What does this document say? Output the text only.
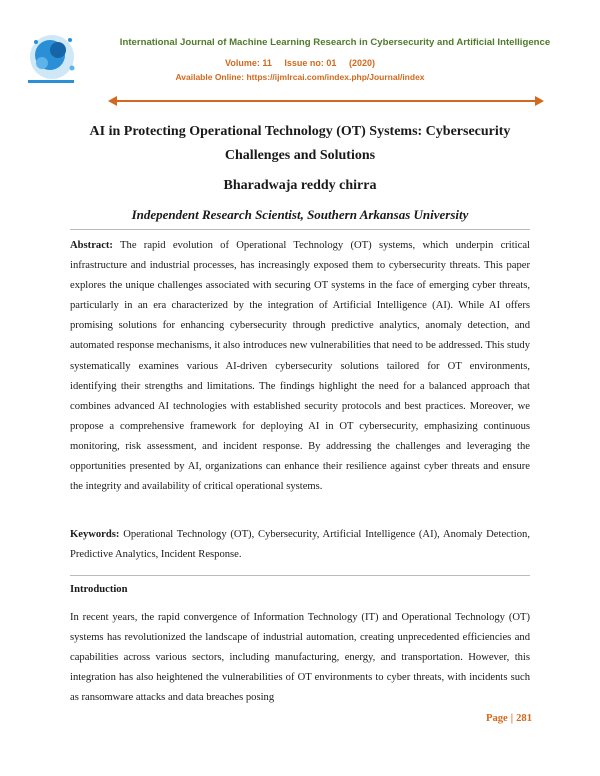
International Journal of Machine Learning Research in Cybersecurity and Artificial Intelligence
Volume: 11 Issue no: 01 (2020)
Available Online: https://ijmlrcai.com/index.php/Journal/index
AI in Protecting Operational Technology (OT) Systems: Cybersecurity Challenges and Solutions
Bharadwaja reddy chirra
Independent Research Scientist, Southern Arkansas University
Abstract: The rapid evolution of Operational Technology (OT) systems, which underpin critical infrastructure and industrial processes, has increasingly exposed them to cybersecurity threats. This paper explores the unique challenges associated with securing OT systems in the face of emerging cyber threats, particularly in an era characterized by the integration of Artificial Intelligence (AI). While AI offers promising solutions for enhancing cybersecurity through predictive analytics, anomaly detection, and automated response mechanisms, it also introduces new vulnerabilities that need to be addressed. This study systematically examines various AI-driven cybersecurity solutions tailored for OT environments, identifying their strengths and limitations. The findings highlight the need for a balanced approach that combines advanced AI technologies with established security protocols and best practices. Moreover, we propose a comprehensive framework for deploying AI in OT cybersecurity, emphasizing continuous monitoring, risk assessment, and incident response. By addressing the challenges and leveraging the opportunities presented by AI, organizations can enhance their resilience against cyber threats and ensure the integrity and availability of critical operational systems.
Keywords: Operational Technology (OT), Cybersecurity, Artificial Intelligence (AI), Anomaly Detection, Predictive Analytics, Incident Response.
Introduction
In recent years, the rapid convergence of Information Technology (IT) and Operational Technology (OT) systems has revolutionized the landscape of industrial automation, creating unprecedented efficiencies and capabilities across various sectors, including manufacturing, energy, and transportation. However, this integration has also heightened the vulnerabilities of OT environments to cyber threats, with incidents such as ransomware attacks and data breaches posing
Page | 281
